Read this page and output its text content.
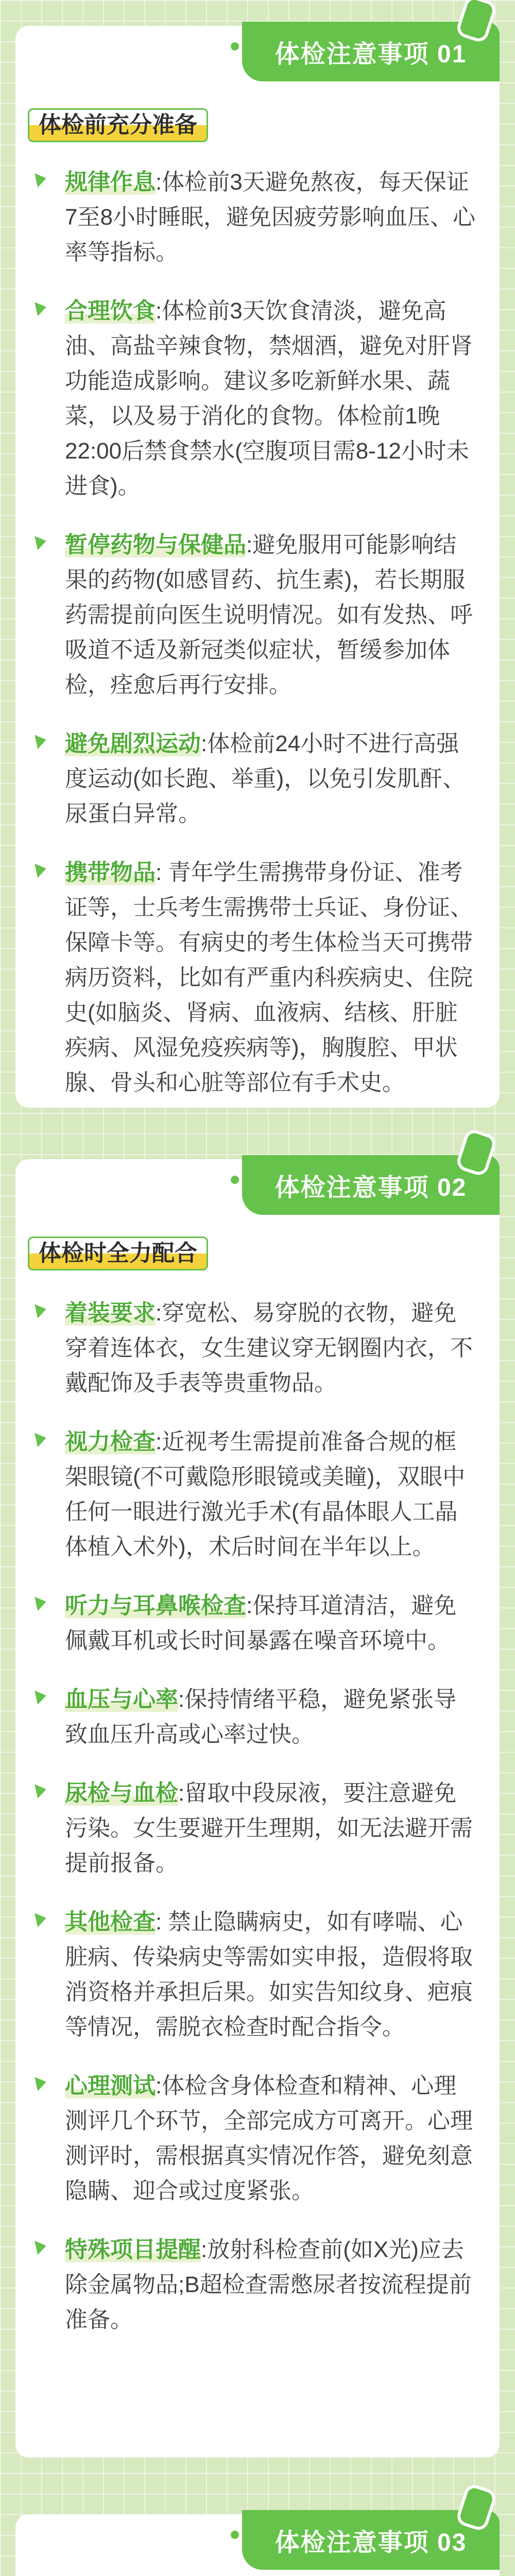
体检注意事项 01
体检前充分准备
规律作息:体检前3天避免熬夜，每天保证7至8小时睡眠，避免因疲劳影响血压、心率等指标。
合理饮食:体检前3天饮食清淡，避免高油、高盐辛辣食物，禁烟酒，避免对肝肾功能造成影响。建议多吃新鲜水果、蔬菜，以及易于消化的食物。体检前1晚22:00后禁食禁水(空腹项目需8-12小时未进食)。
暂停药物与保健品:避免服用可能影响结果的药物(如感冒药、抗生素)，若长期服药需提前向医生说明情况。如有发热、呼吸道不适及新冠类似症状，暂缓参加体检，痊愈后再行安排。
避免剧烈运动:体检前24小时不进行高强度运动(如长跑、举重)，以免引发肌酐、尿蛋白异常。
携带物品: 青年学生需携带身份证、准考证等，士兵考生需携带士兵证、身份证、保障卡等。有病史的考生体检当天可携带病历资料，比如有严重内科疾病史、住院史(如脑炎、肾病、血液病、结核、肝脏疾病、风湿免疫疾病等)，胸腹腔、甲状腺、骨头和心脏等部位有手术史。
体检注意事项 02
体检时全力配合
着装要求:穿宽松、易穿脱的衣物，避免穿着连体衣，女生建议穿无钢圈内衣，不戴配饰及手表等贵重物品。
视力检查:近视考生需提前准备合规的框架眼镜(不可戴隐形眼镜或美瞳)，双眼中任何一眼进行激光手术(有晶体眼人工晶体植入术外)，术后时间在半年以上。
听力与耳鼻喉检查:保持耳道清洁，避免佩戴耳机或长时间暴露在噪音环境中。
血压与心率:保持情绪平稳，避免紧张导致血压升高或心率过快。
尿检与血检:留取中段尿液，要注意避免污染。女生要避开生理期，如无法避开需提前报备。
其他检查: 禁止隐瞒病史，如有哮喘、心脏病、传染病史等需如实申报，造假将取消资格并承担后果。如实告知纹身、疤痕等情况，需脱衣检查时配合指令。
心理测试:体检含身体检查和精神、心理测评几个环节，全部完成方可离开。心理测评时，需根据真实情况作答，避免刻意隐瞒、迎合或过度紧张。
特殊项目提醒:放射科检查前(如X光)应去除金属物品;B超检查需憋尿者按流程提前准备。
体检注意事项 03
